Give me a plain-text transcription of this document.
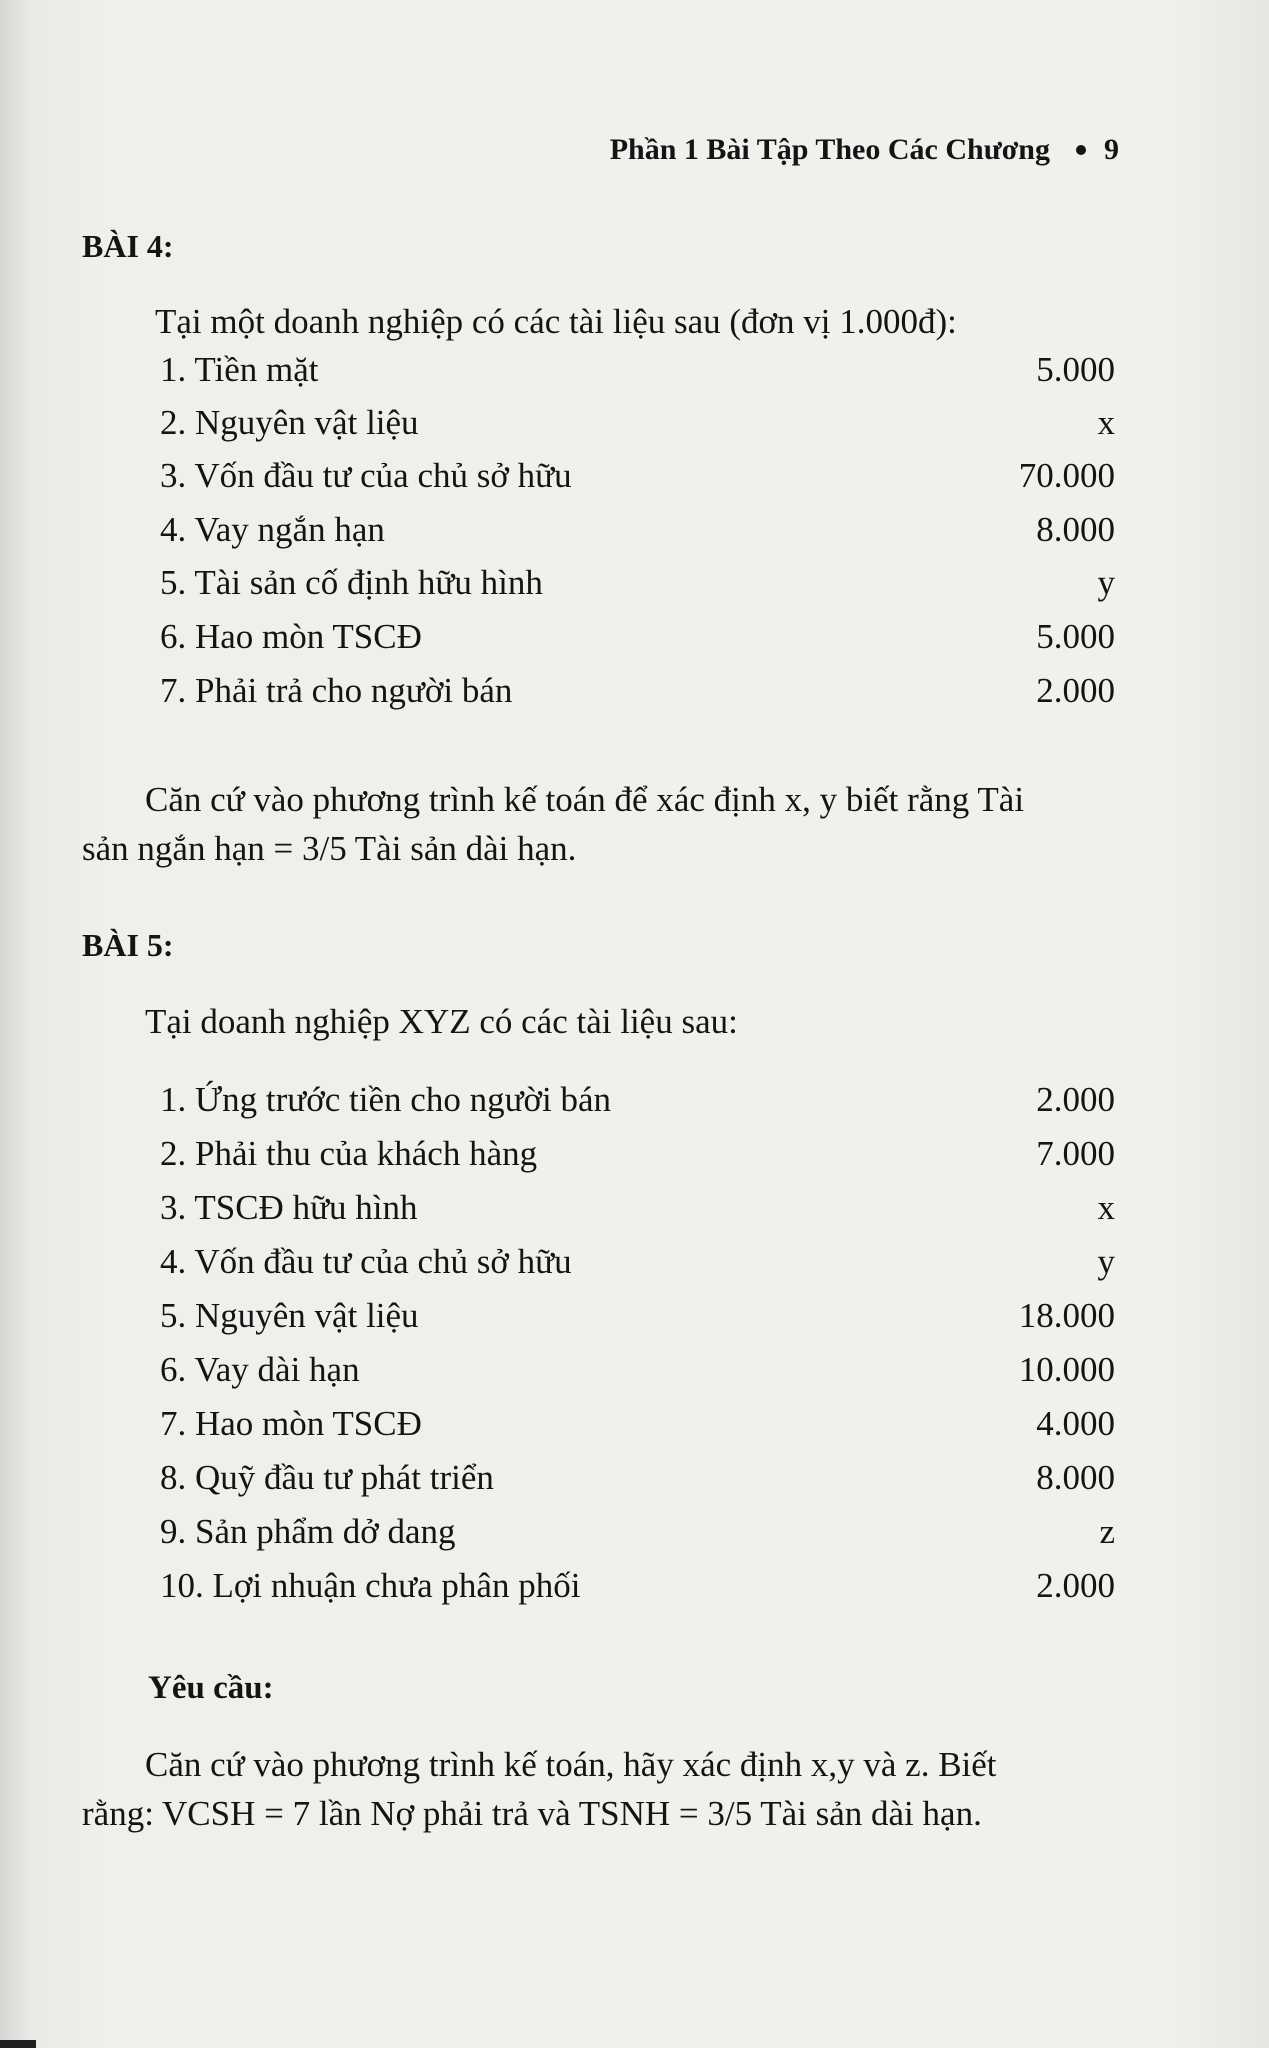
Phần 1 Bài Tập Theo Các Chương 9
BÀI 4:
Tại một doanh nghiệp có các tài liệu sau (đơn vị 1.000đ):
1. Tiền mặt	5.000
2. Nguyên vật liệu	x
3. Vốn đầu tư của chủ sở hữu	70.000
4. Vay ngắn hạn	8.000
5. Tài sản cố định hữu hình	y
6. Hao mòn TSCĐ	5.000
7. Phải trả cho người bán	2.000
Căn cứ vào phương trình kế toán để xác định x, y biết rằng Tài
sản ngắn hạn = 3/5 Tài sản dài hạn.
BÀI 5:
Tại doanh nghiệp XYZ có các tài liệu sau:
1. Ứng trước tiền cho người bán	2.000
2. Phải thu của khách hàng	7.000
3. TSCĐ hữu hình	x
4. Vốn đầu tư của chủ sở hữu	y
5. Nguyên vật liệu	18.000
6. Vay dài hạn	10.000
7. Hao mòn TSCĐ	4.000
8. Quỹ đầu tư phát triển	8.000
9. Sản phẩm dở dang	z
10. Lợi nhuận chưa phân phối	2.000
Yêu cầu:
Căn cứ vào phương trình kế toán, hãy xác định x,y và z. Biết
rằng: VCSH = 7 lần Nợ phải trả và TSNH = 3/5 Tài sản dài hạn.
